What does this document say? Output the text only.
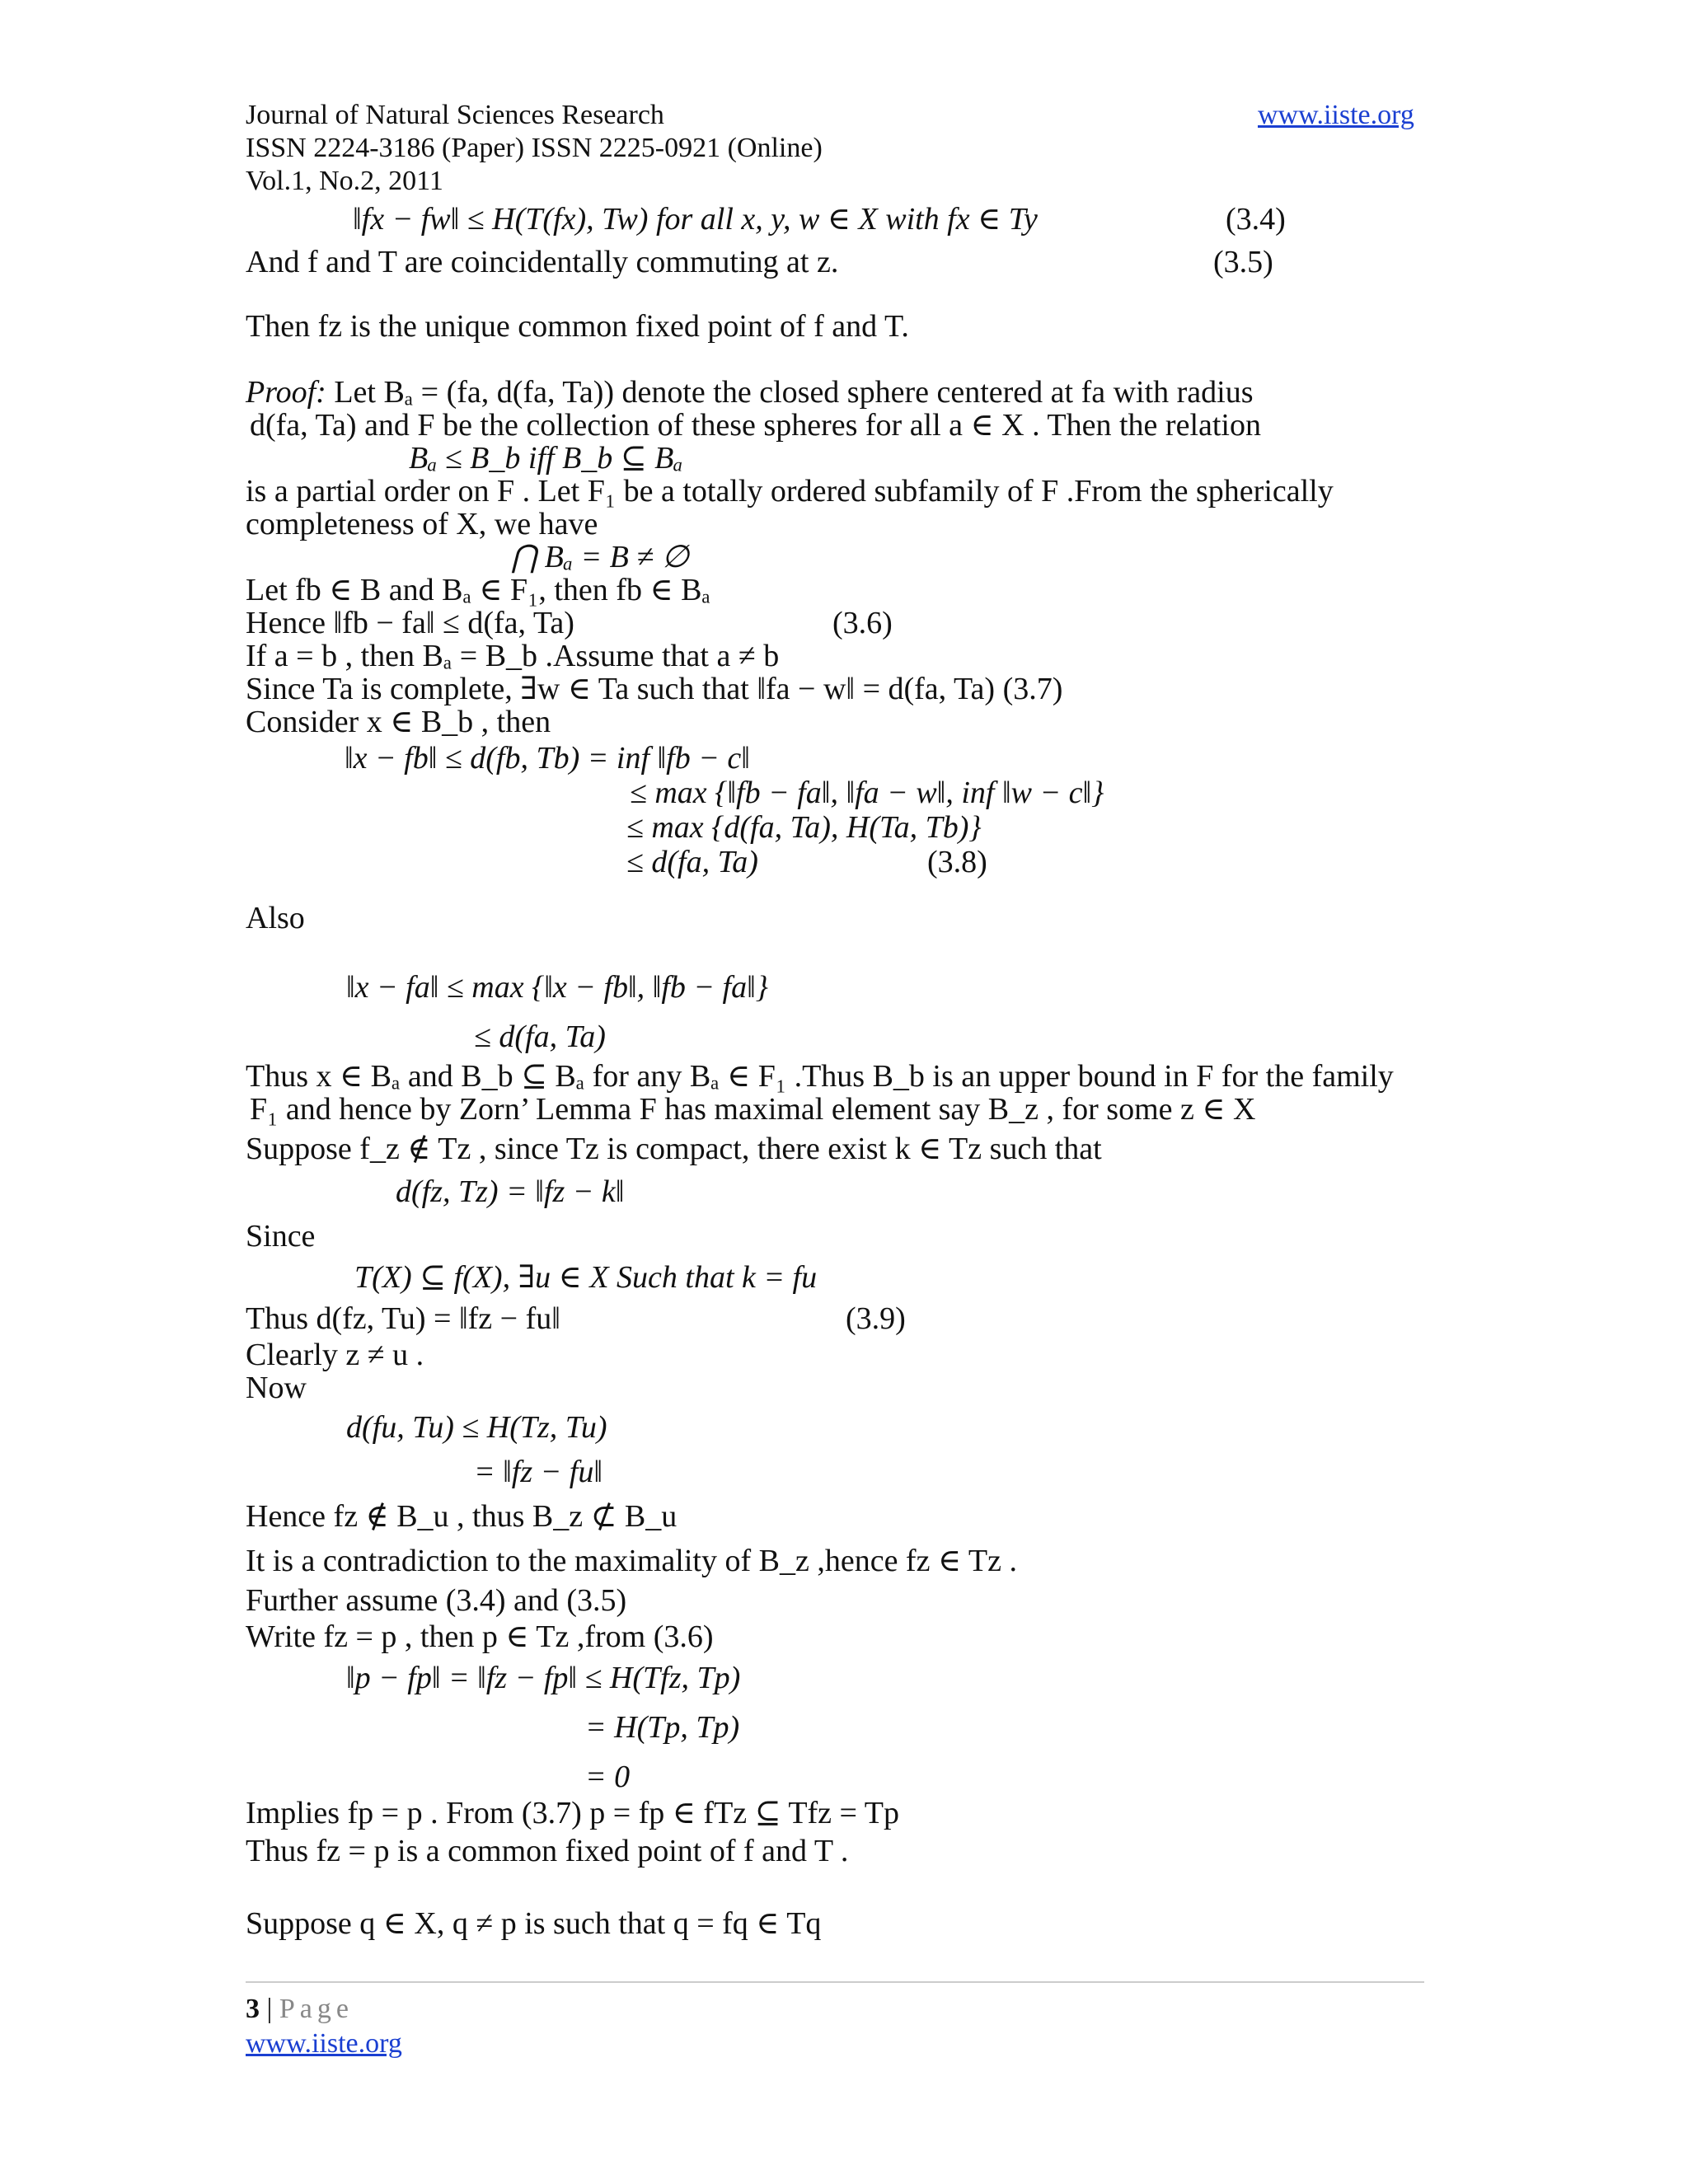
Journal of Natural Sciences Research	www.iiste.org
ISSN 2224-3186 (Paper) ISSN 2225-0921 (Online)
Vol.1, No.2, 2011
‖fx − fw‖ ≤ H(T(fx), Tw) for all x, y, w ∈ X with fx ∈ Ty	(3.4)
And f and T are coincidentally commuting at z.	(3.5)
Then fz is the unique common fixed point of f and T.
Proof: Let Bₐ = (fa, d(fa, Ta)) denote the closed sphere centered at fa with radius
d(fa, Ta) and F be the collection of these spheres for all a ∈ X . Then the relation
Bₐ ≤ B_b iff B_b ⊆ Bₐ
is a partial order on F . Let F₁ be a totally ordered subfamily of F .From the spherically
completeness of X, we have
⋂ Bₐ = B ≠ ∅
Let fb ∈ B and Bₐ ∈ F₁, then fb ∈ Bₐ
Hence ‖fb − fa‖ ≤ d(fa, Ta)	(3.6)
If a = b , then Bₐ = B_b .Assume that a ≠ b
Since Ta is complete, ∃w ∈ Ta such that ‖fa − w‖ = d(fa, Ta) (3.7)
Consider x ∈ B_b , then
‖x − fb‖ ≤ d(fb, Tb) = inf ‖fb − c‖
≤ max {‖fb − fa‖, ‖fa − w‖, inf ‖w − c‖}
≤ max {d(fa, Ta), H(Ta, Tb)}
≤ d(fa, Ta)	(3.8)
Also
‖x − fa‖ ≤ max {‖x − fb‖, ‖fb − fa‖}
≤ d(fa, Ta)
Thus x ∈ Bₐ and B_b ⊆ Bₐ for any Bₐ ∈ F₁ .Thus B_b is an upper bound in F for the family
F₁ and hence by Zorn’ Lemma F has maximal element say B_z , for some z ∈ X
Suppose f_z ∉ Tz , since Tz is compact, there exist k ∈ Tz such that
d(fz, Tz) = ‖fz − k‖
Since
T(X) ⊆ f(X), ∃u ∈ X Such that k = fu
Thus d(fz, Tu) = ‖fz − fu‖	(3.9)
Clearly z ≠ u .
Now
d(fu, Tu) ≤ H(Tz, Tu)
= ‖fz − fu‖
Hence fz ∉ B_u , thus B_z ⊄ B_u
It is a contradiction to the maximality of B_z ,hence fz ∈ Tz .
Further assume (3.4) and (3.5)
Write fz = p , then p ∈ Tz ,from (3.6)
‖p − fp‖ = ‖fz − fp‖ ≤ H(Tfz, Tp)
= H(Tp, Tp)
= 0
Implies fp = p . From (3.7) p = fp ∈ fTz ⊆ Tfz = Tp
Thus fz = p is a common fixed point of f and T .
Suppose q ∈ X, q ≠ p is such that q = fq ∈ Tq
3 | Page
www.iiste.org
